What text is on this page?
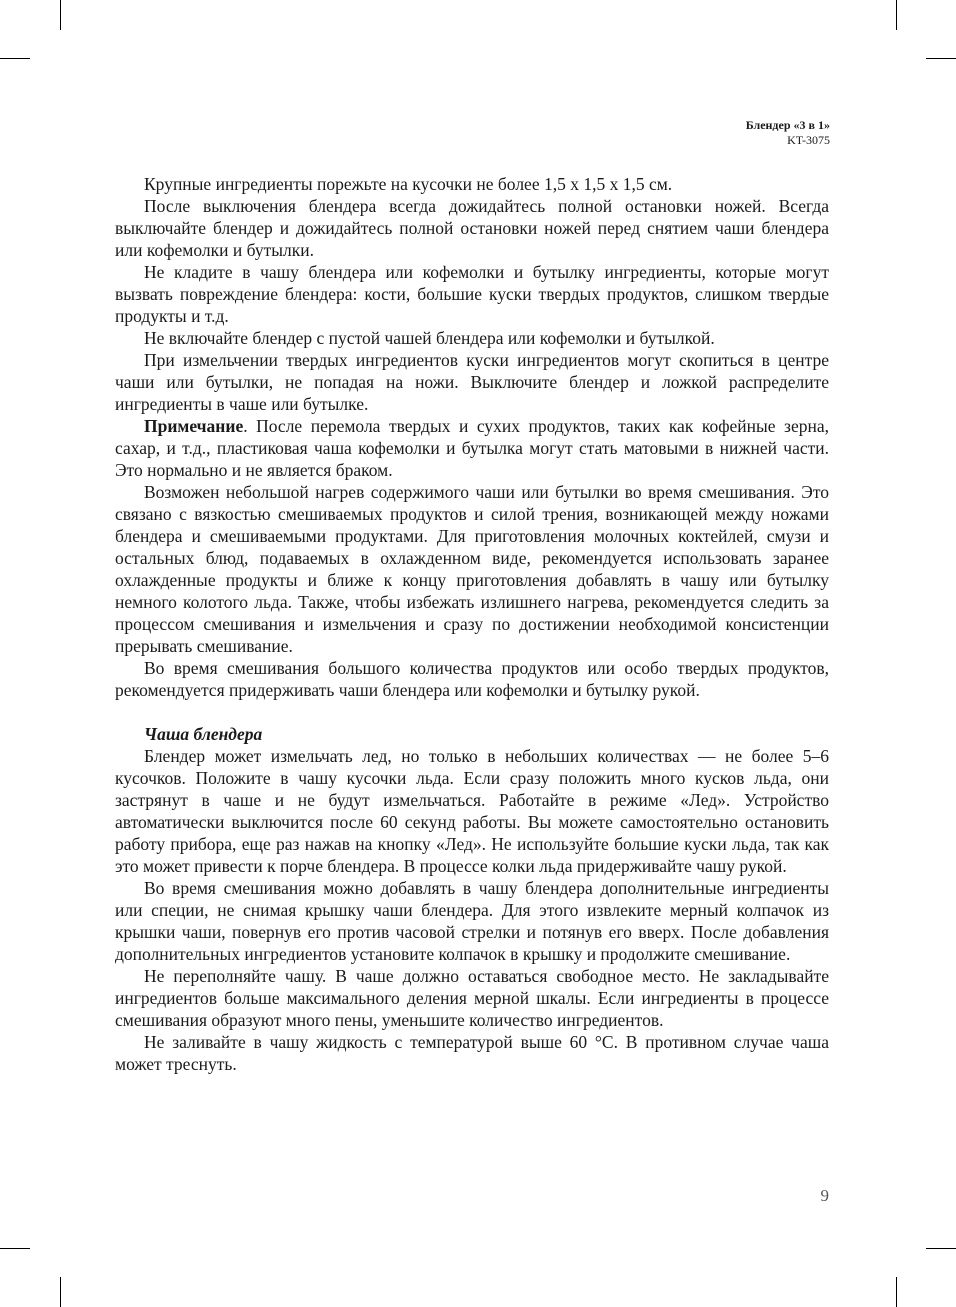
Блендер «3 в 1»
KT-3075

Крупные ингредиенты порежьте на кусочки не более 1,5 х 1,5 х 1,5 см.

После выключения блендера всегда дожидайтесь полной остановки ножей. Всегда выключайте блендер и дожидайтесь полной остановки ножей перед снятием чаши блендера или кофемолки и бутылки.

Не кладите в чашу блендера или кофемолки и бутылку ингредиенты, которые могут вызвать повреждение блендера: кости, большие куски твердых продуктов, слишком твердые продукты и т.д.

Не включайте блендер с пустой чашей блендера или кофемолки и бутылкой.

При измельчении твердых ингредиентов куски ингредиентов могут скопиться в центре чаши или бутылки, не попадая на ножи. Выключите блендер и ложкой распределите ингредиенты в чаше или бутылке.

Примечание. После перемола твердых и сухих продуктов, таких как кофейные зерна, сахар, и т.д., пластиковая чаша кофемолки и бутылка могут стать матовыми в нижней части. Это нормально и не является браком.

Возможен небольшой нагрев содержимого чаши или бутылки во время смешивания. Это связано с вязкостью смешиваемых продуктов и силой трения, возникающей между ножами блендера и смешиваемыми продуктами. Для приготовления молочных коктейлей, смузи и остальных блюд, подаваемых в охлажденном виде, рекомендуется использовать заранее охлажденные продукты и ближе к концу приготовления добавлять в чашу или бутылку немного колотого льда. Также, чтобы избежать излишнего нагрева, рекомендуется следить за процессом смешивания и измельчения и сразу по достижении необходимой консистенции прерывать смешивание.

Во время смешивания большого количества продуктов или особо твердых продуктов, рекомендуется придерживать чаши блендера или кофемолки и бутылку рукой.

Чаша блендера

Блендер может измельчать лед, но только в небольших количествах — не более 5–6 кусочков. Положите в чашу кусочки льда. Если сразу положить много кусков льда, они застрянут в чаше и не будут измельчаться. Работайте в режиме «Лед». Устройство автоматически выключится после 60 секунд работы. Вы можете самостоятельно остановить работу прибора, еще раз нажав на кнопку «Лед». Не используйте большие куски льда, так как это может привести к порче блендера. В процессе колки льда придерживайте чашу рукой.

Во время смешивания можно добавлять в чашу блендера дополнительные ингредиенты или специи, не снимая крышку чаши блендера. Для этого извлеките мерный колпачок из крышки чаши, повернув его против часовой стрелки и потянув его вверх. После добавления дополнительных ингредиентов установите колпачок в крышку и продолжите смешивание.

Не переполняйте чашу. В чаше должно оставаться свободное место. Не закладывайте ингредиентов больше максимального деления мерной шкалы. Если ингредиенты в процессе смешивания образуют много пены, уменьшите количество ингредиентов.

Не заливайте в чашу жидкость с температурой выше 60 °С. В противном случае чаша может треснуть.

9
